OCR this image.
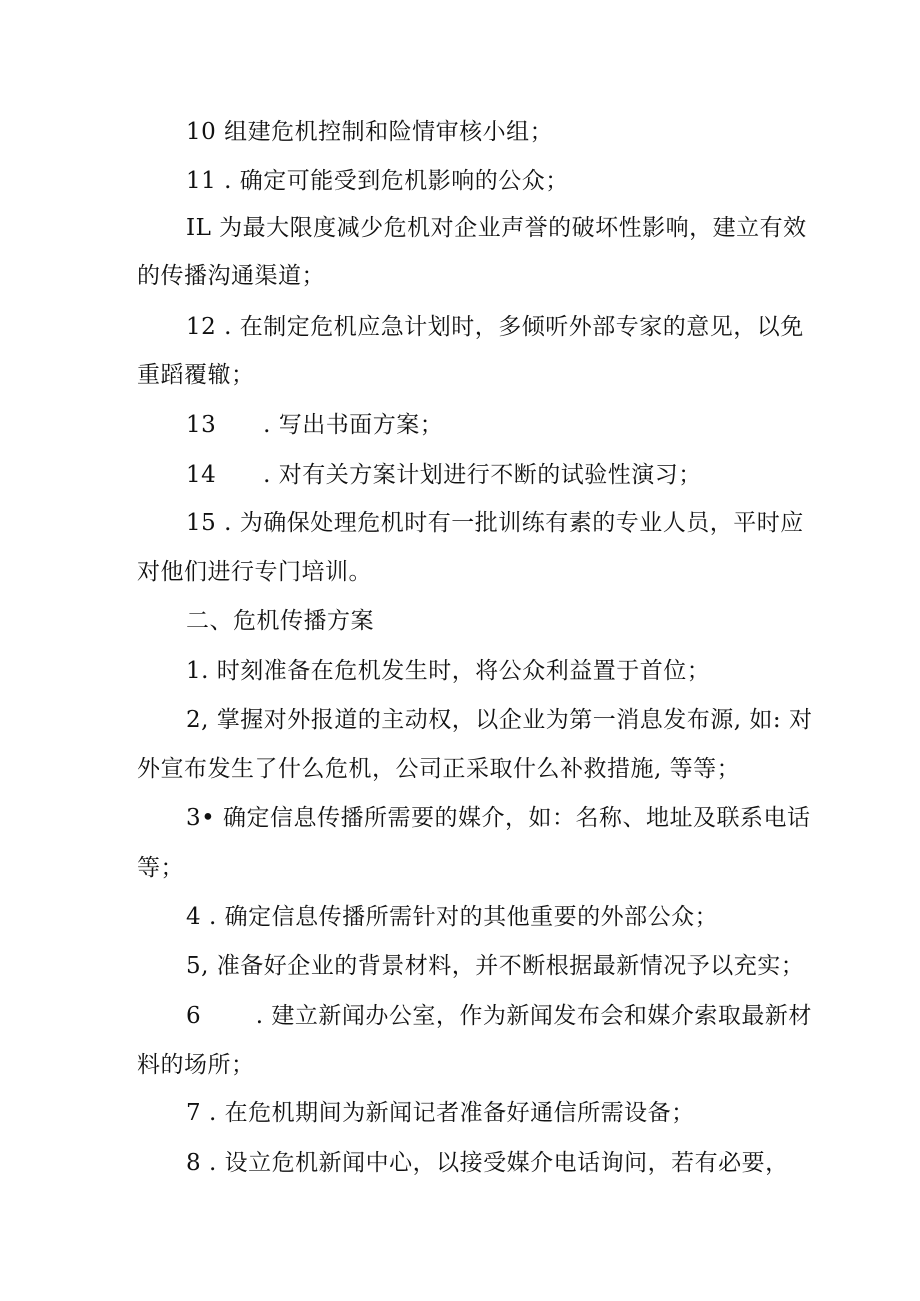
10 组建危机控制和险情审核小组；
11 . 确定可能受到危机影响的公众；
IL 为最大限度减少危机对企业声誉的破坏性影响，建立有效
的传播沟通渠道；
12 . 在制定危机应急计划时，多倾听外部专家的意见，以免
重蹈覆辙；
13      . 写出书面方案；
14      . 对有关方案计划进行不断的试验性演习；
15 . 为确保处理危机时有一批训练有素的专业人员，平时应
对他们进行专门培训。
二、危机传播方案
1. 时刻准备在危机发生时，将公众利益置于首位；
2, 掌握对外报道的主动权，以企业为第一消息发布源, 如: 对
外宣布发生了什么危机，公司正采取什么补救措施, 等等；
3• 确定信息传播所需要的媒介，如：名称、地址及联系电话
等；
4 . 确定信息传播所需针对的其他重要的外部公众；
5, 准备好企业的背景材料，并不断根据最新情况予以充实；
6       . 建立新闻办公室，作为新闻发布会和媒介索取最新材
料的场所；
7 . 在危机期间为新闻记者准备好通信所需设备；
8 . 设立危机新闻中心，以接受媒介电话询问，若有必要，
